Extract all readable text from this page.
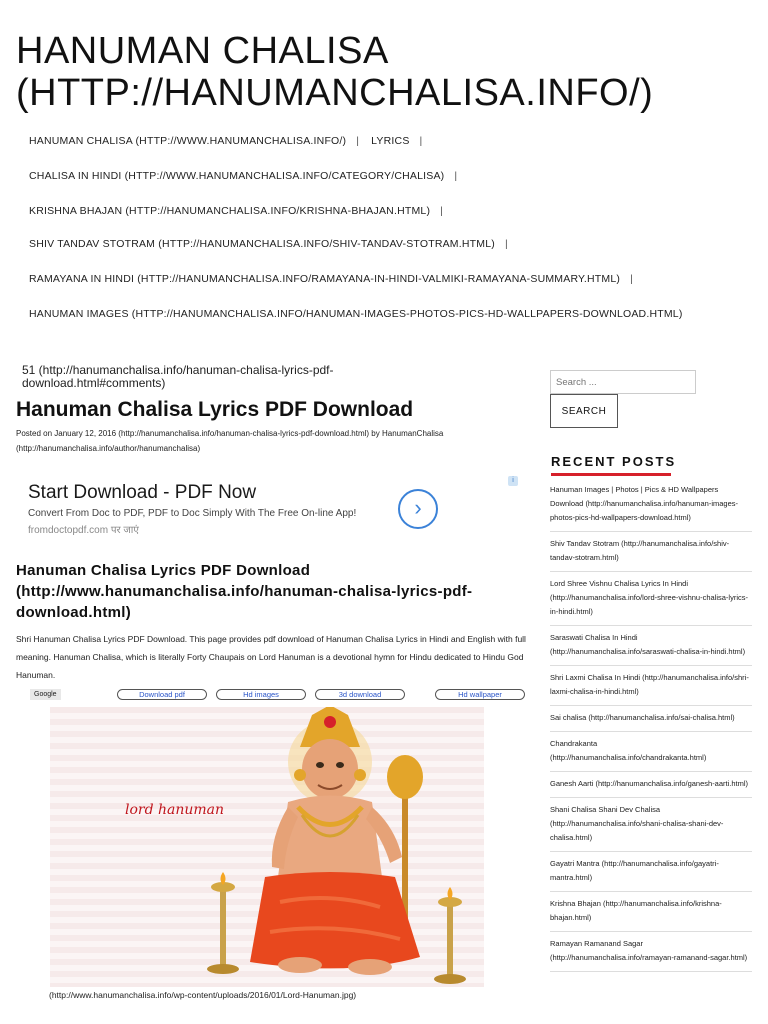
HANUMAN CHALISA (HTTP://HANUMANCHALISA.INFO/)
HANUMAN CHALISA (HTTP://WWW.HANUMANCHALISA.INFO/) | LYRICS |
CHALISA IN HINDI (HTTP://WWW.HANUMANCHALISA.INFO/CATEGORY/CHALISA) |
KRISHNA BHAJAN (HTTP://HANUMANCHALISA.INFO/KRISHNA-BHAJAN.HTML) |
SHIV TANDAV STOTRAM (HTTP://HANUMANCHALISA.INFO/SHIV-TANDAV-STOTRAM.HTML) |
RAMAYANA IN HINDI (HTTP://HANUMANCHALISA.INFO/RAMAYANA-IN-HINDI-VALMIKI-RAMAYANA-SUMMARY.HTML) |
HANUMAN IMAGES (HTTP://HANUMANCHALISA.INFO/HANUMAN-IMAGES-PHOTOS-PICS-HD-WALLPAPERS-DOWNLOAD.HTML)
51 (http://hanumanchalisa.info/hanuman-chalisa-lyrics-pdf-download.html#comments)
Hanuman Chalisa Lyrics PDF Download
Posted on January 12, 2016 (http://hanumanchalisa.info/hanuman-chalisa-lyrics-pdf-download.html) by HanumanChalisa (http://hanumanchalisa.info/author/hanumanchalisa)
i
Start Download - PDF Now
Convert From Doc to PDF, PDF to Doc Simply With The Free On-line App!
fromdoctopdf.com पर जाएं
›
Hanuman Chalisa Lyrics PDF Download (http://www.hanumanchalisa.info/hanuman-chalisa-lyrics-pdf-download.html)

Shri Hanuman Chalisa Lyrics PDF Download. This page provides pdf download of Hanuman Chalisa Lyrics in Hindi and English with full meaning. Hanuman Chalisa, which is literally Forty Chaupais on Lord Hanuman is a devotional hymn for Hindu dedicated to Hindu God Hanuman.

Google	Download pdf	Hd images	3d download	Hd wallpaper
lord hanuman
(http://www.hanumanchalisa.info/wp-content/uploads/2016/01/Lord-Hanuman.jpg)
Search ...
SEARCH
RECENT POSTS
Hanuman Images | Photos | Pics & HD Wallpapers Download (http://hanumanchalisa.info/hanuman-images-photos-pics-hd-wallpapers-download.html)
Shiv Tandav Stotram (http://hanumanchalisa.info/shiv-tandav-stotram.html)
Lord Shree Vishnu Chalisa Lyrics In Hindi (http://hanumanchalisa.info/lord-shree-vishnu-chalisa-lyrics-in-hindi.html)
Saraswati Chalisa In Hindi (http://hanumanchalisa.info/saraswati-chalisa-in-hindi.html)
Shri Laxmi Chalisa In Hindi (http://hanumanchalisa.info/shri-laxmi-chalisa-in-hindi.html)
Sai chalisa (http://hanumanchalisa.info/sai-chalisa.html)
Chandrakanta (http://hanumanchalisa.info/chandrakanta.html)
Ganesh Aarti (http://hanumanchalisa.info/ganesh-aarti.html)
Shani Chalisa Shani Dev Chalisa (http://hanumanchalisa.info/shani-chalisa-shani-dev-chalisa.html)
Gayatri Mantra (http://hanumanchalisa.info/gayatri-mantra.html)
Krishna Bhajan (http://hanumanchalisa.info/krishna-bhajan.html)
Ramayan Ramanand Sagar (http://hanumanchalisa.info/ramayan-ramanand-sagar.html)
